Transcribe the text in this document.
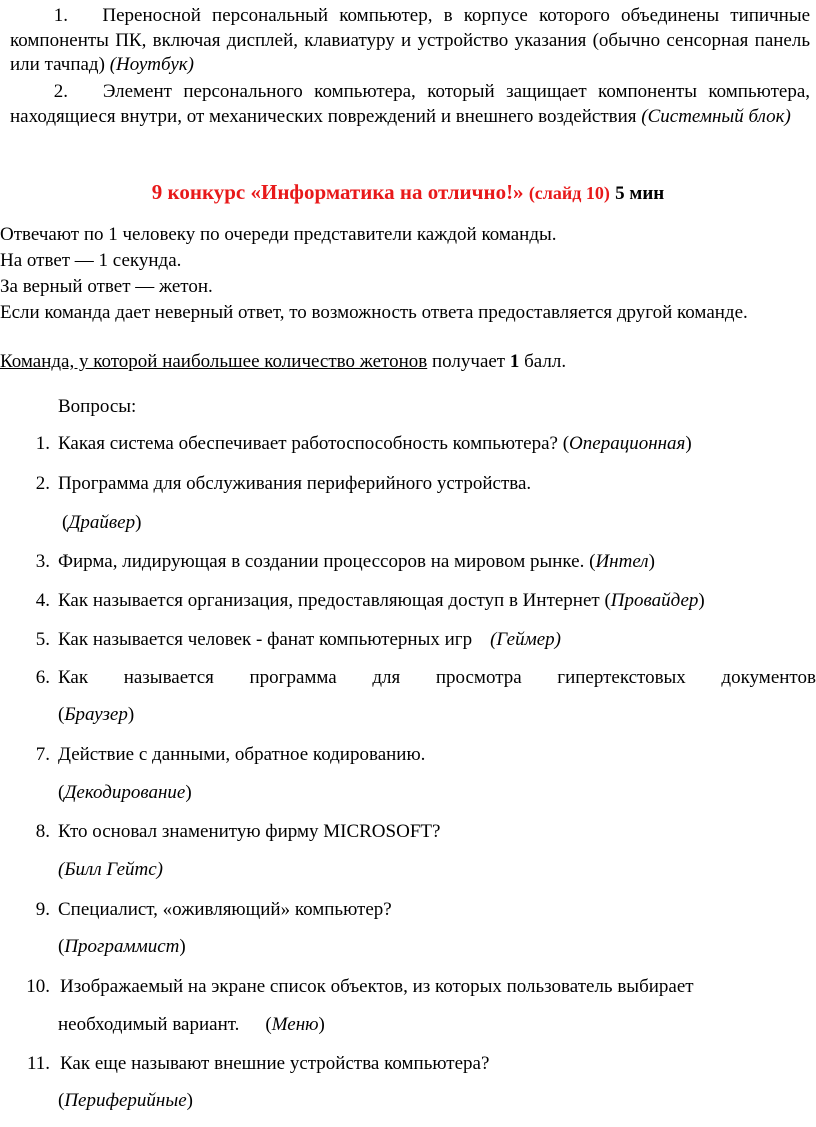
1. Переносной персональный компьютер, в корпусе которого объединены типичные компоненты ПК, включая дисплей, клавиатуру и устройство указания (обычно сенсорная панель или тачпад) (Ноутбук)
2. Элемент персонального компьютера, который защищает компоненты компьютера, находящиеся внутри, от механических повреждений и внешнего воздействия (Системный блок)
9 конкурс «Информатика на отлично!» (слайд 10) 5 мин
Отвечают по 1 человеку по очереди представители каждой команды.
На ответ — 1 секунда.
За верный ответ — жетон.
Если команда дает неверный ответ, то возможность ответа предоставляется другой команде.
Команда, у которой наибольшее количество жетонов получает 1 балл.
Вопросы:
1. Какая система обеспечивает работоспособность компьютера? (Операционная)
2. Программа для обслуживания периферийного устройства.
(Драйвер)
3. Фирма, лидирующая в создании процессоров на мировом рынке. (Интел)
4. Как называется организация, предоставляющая доступ в Интернет (Провайдер)
5. Как называется человек - фанат компьютерных игр (Геймер)
6. Как называется программа для просмотра гипертекстовых документов
(Браузер)
7. Действие с данными, обратное кодированию.
(Декодирование)
8. Кто основал знаменитую фирму MICROSOFT?
(Билл Гейтс)
9. Специалист, «оживляющий» компьютер?
(Программист)
10. Изображаемый на экране список объектов, из которых пользователь выбирает
необходимый вариант. (Меню)
11. Как еще называют внешние устройства компьютера?
(Периферийные)
